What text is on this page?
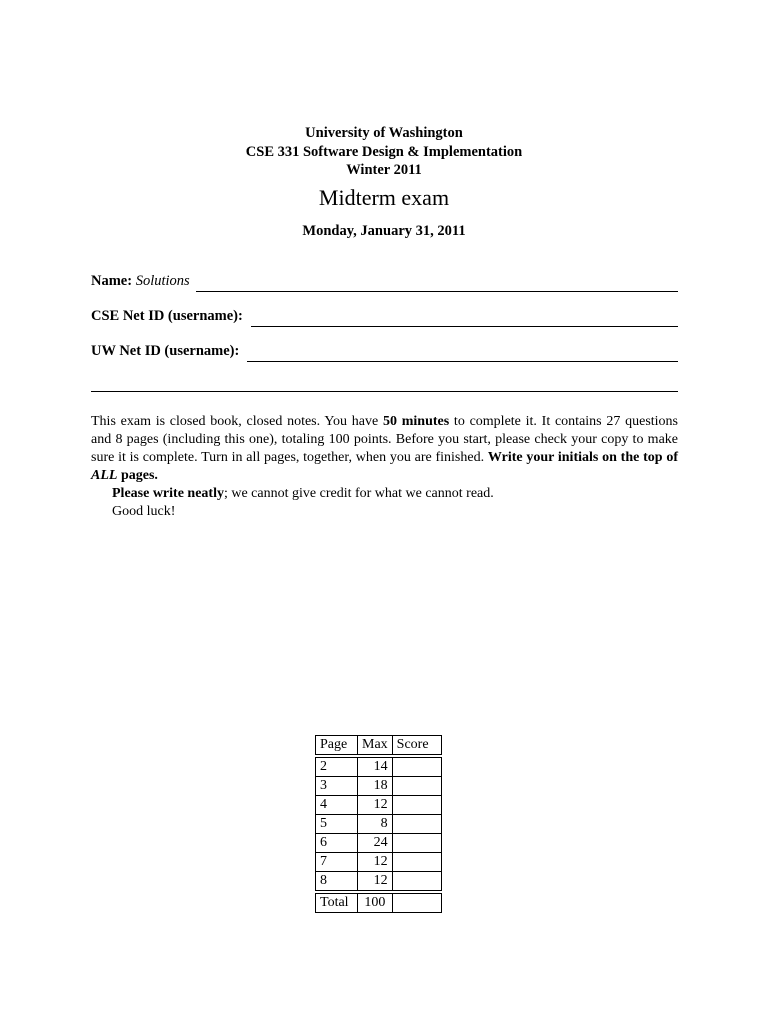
University of Washington
CSE 331 Software Design & Implementation
Winter 2011
Midterm exam
Monday, January 31, 2011
Name: Solutions
CSE Net ID (username):
UW Net ID (username):

This exam is closed book, closed notes. You have 50 minutes to complete it. It contains 27 questions and 8 pages (including this one), totaling 100 points. Before you start, please check your copy to make sure it is complete. Turn in all pages, together, when you are finished. Write your initials on the top of ALL pages.

Please write neatly; we cannot give credit for what we cannot read.

Good luck!

Page	Max	Score

2	14	
3	18	
4	12	
5	8	
6	24	
7	12	
8	12	

Total	100	
